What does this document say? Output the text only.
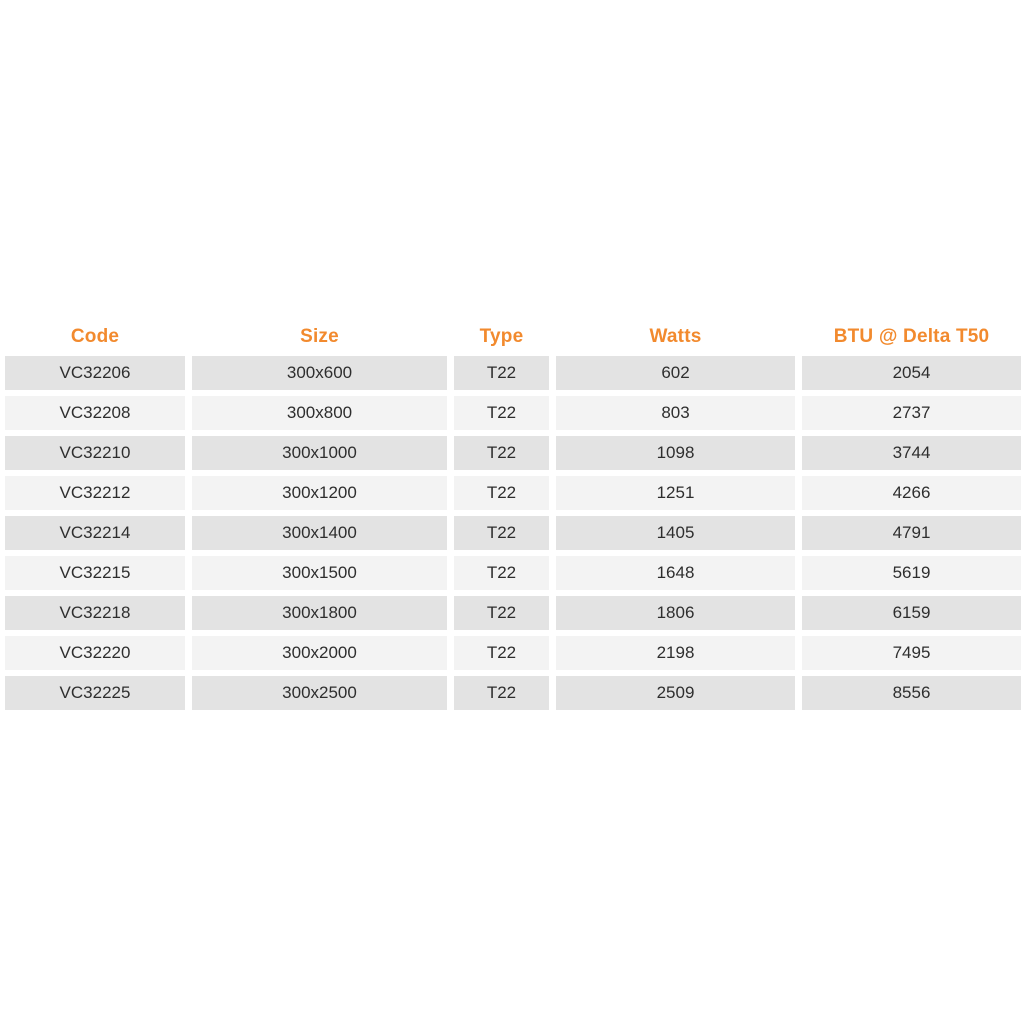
Code	Size	Type	Watts	BTU @ Delta T50
VC32206	300x600	T22	602	2054
VC32208	300x800	T22	803	2737
VC32210	300x1000	T22	1098	3744
VC32212	300x1200	T22	1251	4266
VC32214	300x1400	T22	1405	4791
VC32215	300x1500	T22	1648	5619
VC32218	300x1800	T22	1806	6159
VC32220	300x2000	T22	2198	7495
VC32225	300x2500	T22	2509	8556
